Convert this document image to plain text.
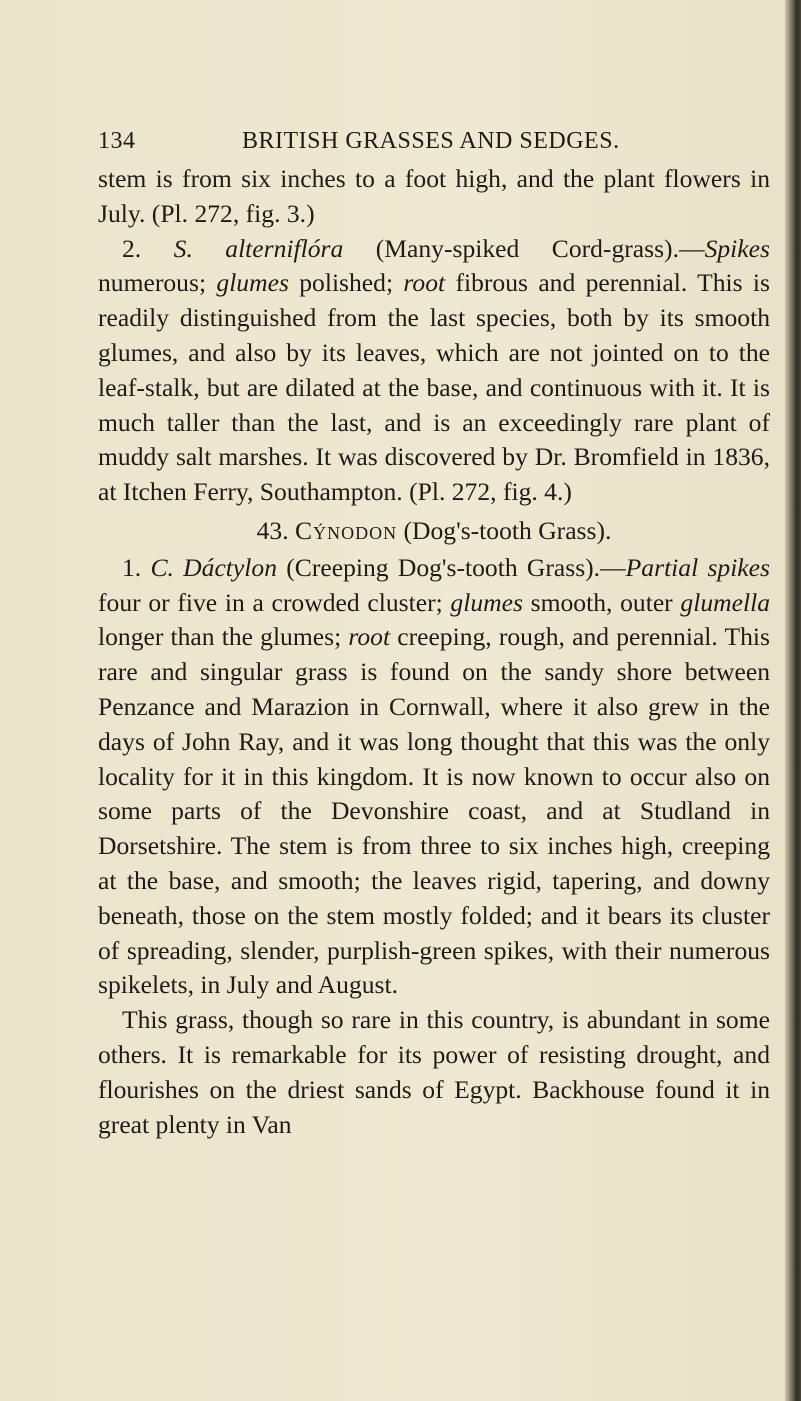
134	BRITISH GRASSES AND SEDGES.

stem is from six inches to a foot high, and the plant flowers in July. (Pl. 272, fig. 3.)

2. S. alterniflóra (Many-spiked Cord-grass).—Spikes numerous; glumes polished; root fibrous and perennial. This is readily distinguished from the last species, both by its smooth glumes, and also by its leaves, which are not jointed on to the leaf-stalk, but are dilated at the base, and continuous with it. It is much taller than the last, and is an exceedingly rare plant of muddy salt marshes. It was discovered by Dr. Bromfield in 1836, at Itchen Ferry, Southampton. (Pl. 272, fig. 4.)

43. Cýnodon (Dog's-tooth Grass).

1. C. Dáctylon (Creeping Dog's-tooth Grass).—Partial spikes four or five in a crowded cluster; glumes smooth, outer glumella longer than the glumes; root creeping, rough, and perennial. This rare and singular grass is found on the sandy shore between Penzance and Marazion in Cornwall, where it also grew in the days of John Ray, and it was long thought that this was the only locality for it in this kingdom. It is now known to occur also on some parts of the Devonshire coast, and at Studland in Dorsetshire. The stem is from three to six inches high, creeping at the base, and smooth; the leaves rigid, tapering, and downy beneath, those on the stem mostly folded; and it bears its cluster of spreading, slender, purplish-green spikes, with their numerous spikelets, in July and August.

This grass, though so rare in this country, is abundant in some others. It is remarkable for its power of resisting drought, and flourishes on the driest sands of Egypt. Backhouse found it in great plenty in Van
